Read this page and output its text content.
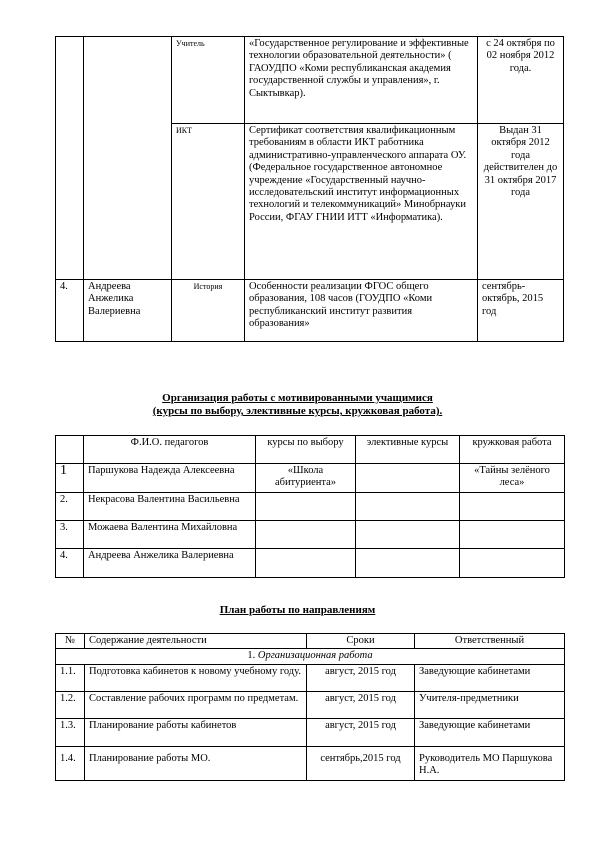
		Учитель	«Государственное регулирование и эффективные технологии образовательной деятельности» ( ГАОУДПО «Коми республиканская академия государственной службы и управления», г. Сыктывкар).	с 24 октября по 02 ноября 2012 года.
		ИКТ	Сертификат соответствия квалификационным требованиям в области ИКТ работника административно-управленческого аппарата ОУ. (Федеральное государственное автономное учреждение «Государственный научно-исследовательский институт информационных технологий и телекоммуникаций» Минобрнауки России, ФГАУ ГНИИ ИТТ «Информатика).	Выдан 31 октября 2012 года действителен до 31 октября 2017 года
4.	Андреева Анжелика Валериевна	История	Особенности реализации ФГОС общего образования, 108 часов (ГОУДПО «Коми республиканский институт развития образования»	сентябрь-октябрь, 2015 год
Организация работы с мотивированными учащимися
(курсы по выбору, элективные курсы, кружковая работа).
	Ф.И.О. педагогов	курсы по выбору	элективные курсы	кружковая работа
1	Паршукова Надежда Алексеевна	«Школа абитуриента»		«Тайны зелёного леса»
2.	Некрасова Валентина Васильевна			
3.	Можаева Валентина Михайловна			
4.	Андреева Анжелика Валериевна			
План работы по направлениям
№	Содержание деятельности	Сроки	Ответственный
1. Организационная работа			
1.1.	Подготовка кабинетов к новому учебному году.	август, 2015 год	Заведующие кабинетами
1.2.	Составление рабочих программ по предметам.	август, 2015 год	Учителя-предметники
1.3.	Планирование работы кабинетов	август, 2015 год	Заведующие кабинетами
1.4.	Планирование работы МО.	сентябрь,2015 год	Руководитель МО Паршукова Н.А.
